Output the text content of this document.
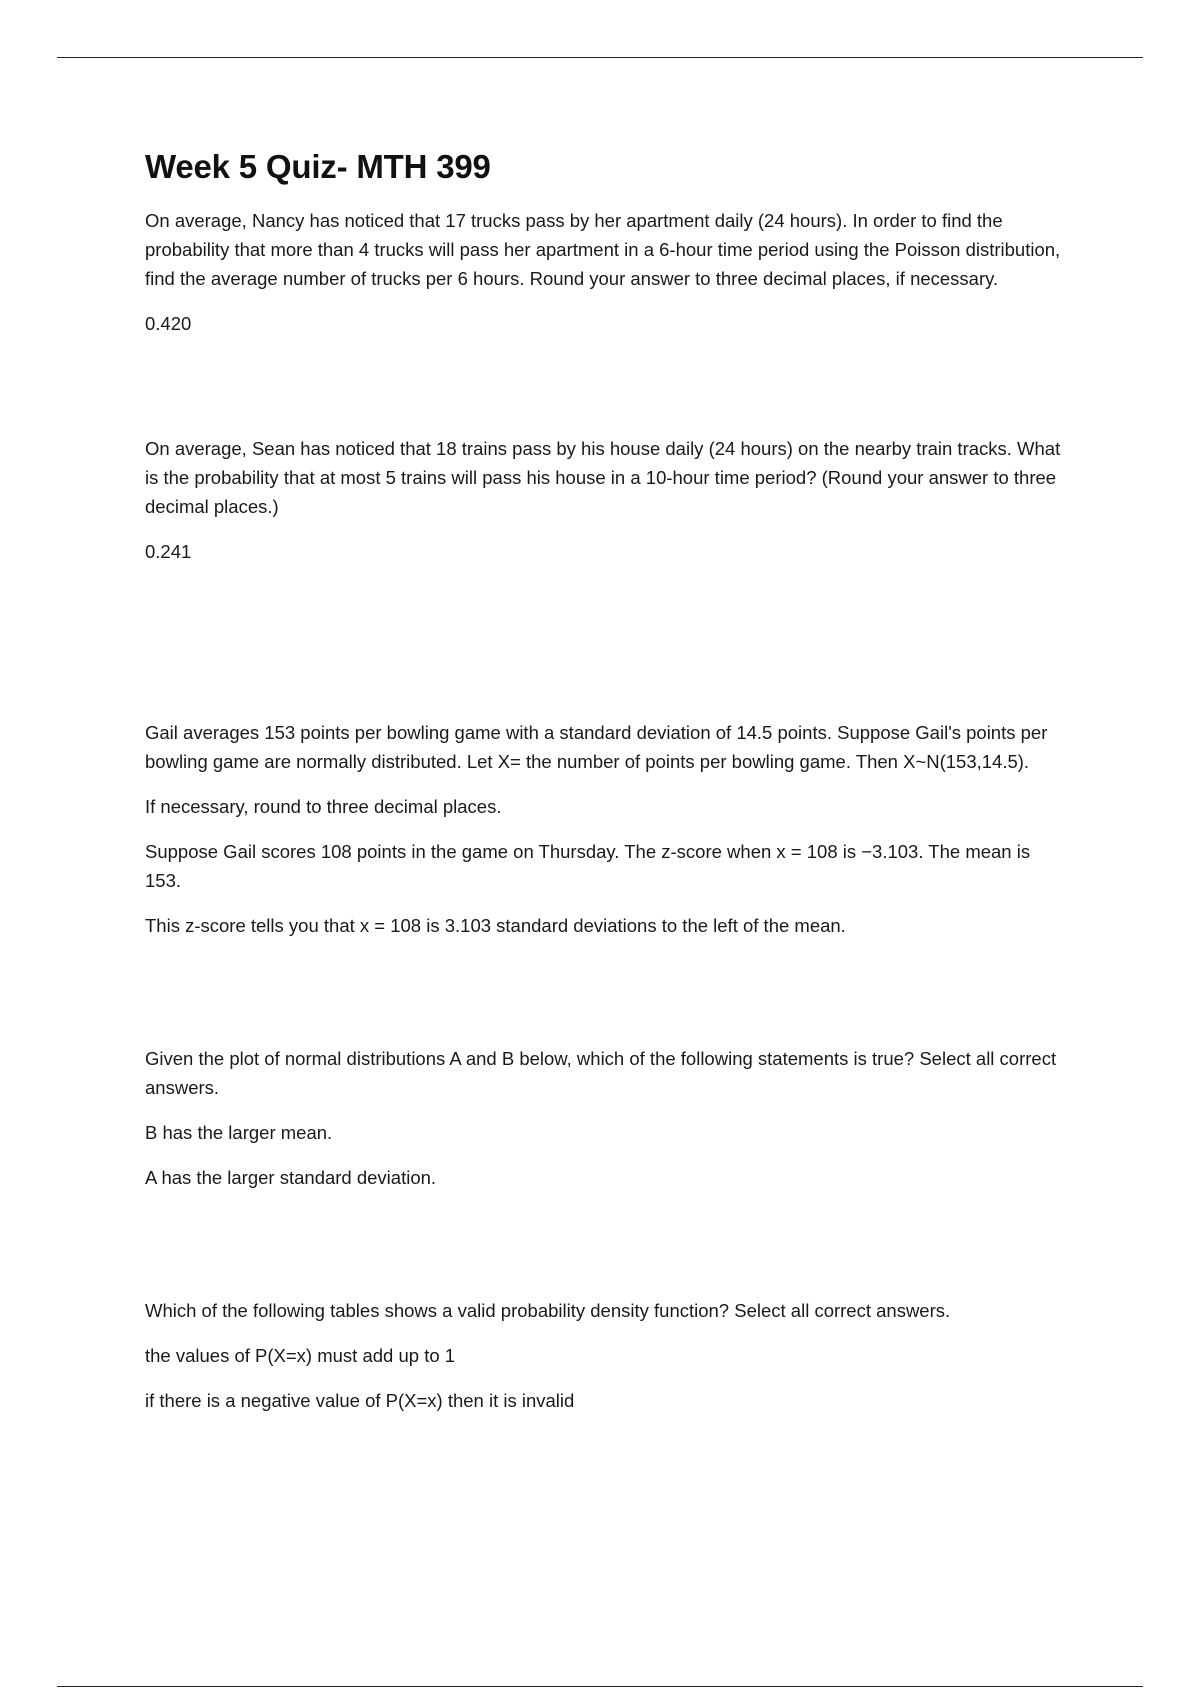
Week 5 Quiz- MTH 399

On average, Nancy has noticed that 17 trucks pass by her apartment daily (24 hours). In order to find the probability that more than 4 trucks will pass her apartment in a 6-hour time period using the Poisson distribution, find the average number of trucks per 6 hours. Round your answer to three decimal places, if necessary.

0.420

On average, Sean has noticed that 18 trains pass by his house daily (24 hours) on the nearby train tracks. What is the probability that at most 5 trains will pass his house in a 10-hour time period? (Round your answer to three decimal places.)

0.241

Gail averages 153 points per bowling game with a standard deviation of 14.5 points. Suppose Gail's points per bowling game are normally distributed. Let X= the number of points per bowling game. Then X~N(153,14.5).

If necessary, round to three decimal places.

Suppose Gail scores 108 points in the game on Thursday. The z-score when x = 108 is −3.103. The mean is 153.

This z-score tells you that x = 108 is 3.103 standard deviations to the left of the mean.

Given the plot of normal distributions A and B below, which of the following statements is true? Select all correct answers.

B has the larger mean.

A has the larger standard deviation.

Which of the following tables shows a valid probability density function? Select all correct answers.

the values of P(X=x) must add up to 1

if there is a negative value of P(X=x) then it is invalid
